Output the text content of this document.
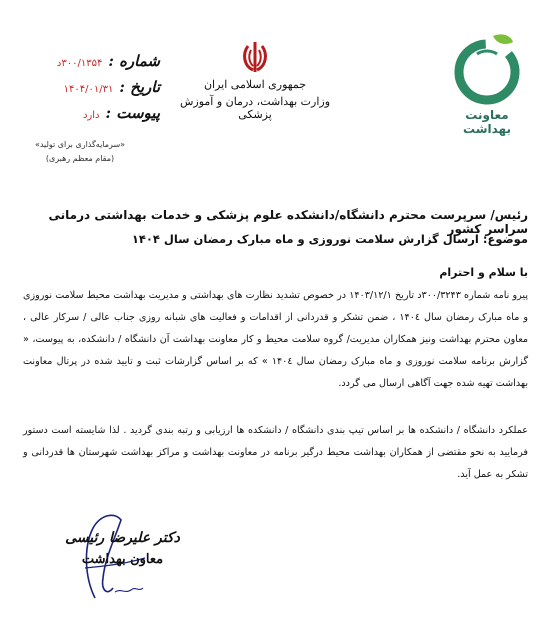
معاونت بهداشت
جمهوری اسلامی ایران
وزارت بهداشت، درمان و آموزش پزشکی
شماره :
۳۰۰/۱۳۵۴د
تاریخ :
۱۴۰۴/۰۱/۳۱
پیوست :
دارد
«سرمایه‌گذاری برای تولید»
(مقام معظم رهبری)
رئیس/ سرپرست محترم دانشگاه/دانشکده علوم پزشکی و خدمات بهداشتی درمانی سراسر کشور
موضوع: ارسال گزارش سلامت نوروزی و ماه مبارک رمضان سال ۱۴۰۴
با سلام و احترام
پیرو نامه شماره ۳۰۰/۳۲۴۳د تاریخ ۱۴۰۳/۱۲/۱ در خصوص تشدید نظارت های بهداشتی و مدیریت بهداشت محیط سلامت نوروزی و ماه مبارک رمضان سال ۱۴۰٤ ، ضمن تشکر و قدردانی از اقدامات و فعالیت های شبانه روزی جناب عالی / سرکار عالی ، معاون محترم بهداشت ونیز همکاران مدیریت/ گروه سلامت محیط و کار معاونت بهداشت آن دانشگاه / دانشکده، به پیوست، « گزارش برنامه سلامت نوروزی و ماه مبارک رمضان سال ۱۴۰٤ » که بر اساس گزارشات ثبت و تایید شده در پرتال معاونت بهداشت تهیه شده جهت آگاهی ارسال می گردد.
عملکرد دانشگاه / دانشکده ها بر اساس تیپ بندی دانشگاه / دانشکده ها ارزیابی و رتبه بندی گردید . لذا شایسته است دستور فرمایید به نحو مقتضی از همکاران بهداشت محیط درگیر برنامه در معاونت بهداشت و مراکز بهداشت شهرستان ها قدردانی و تشکر به عمل آید.
دکتر علیرضا رئیسی
معاون بهداشت
